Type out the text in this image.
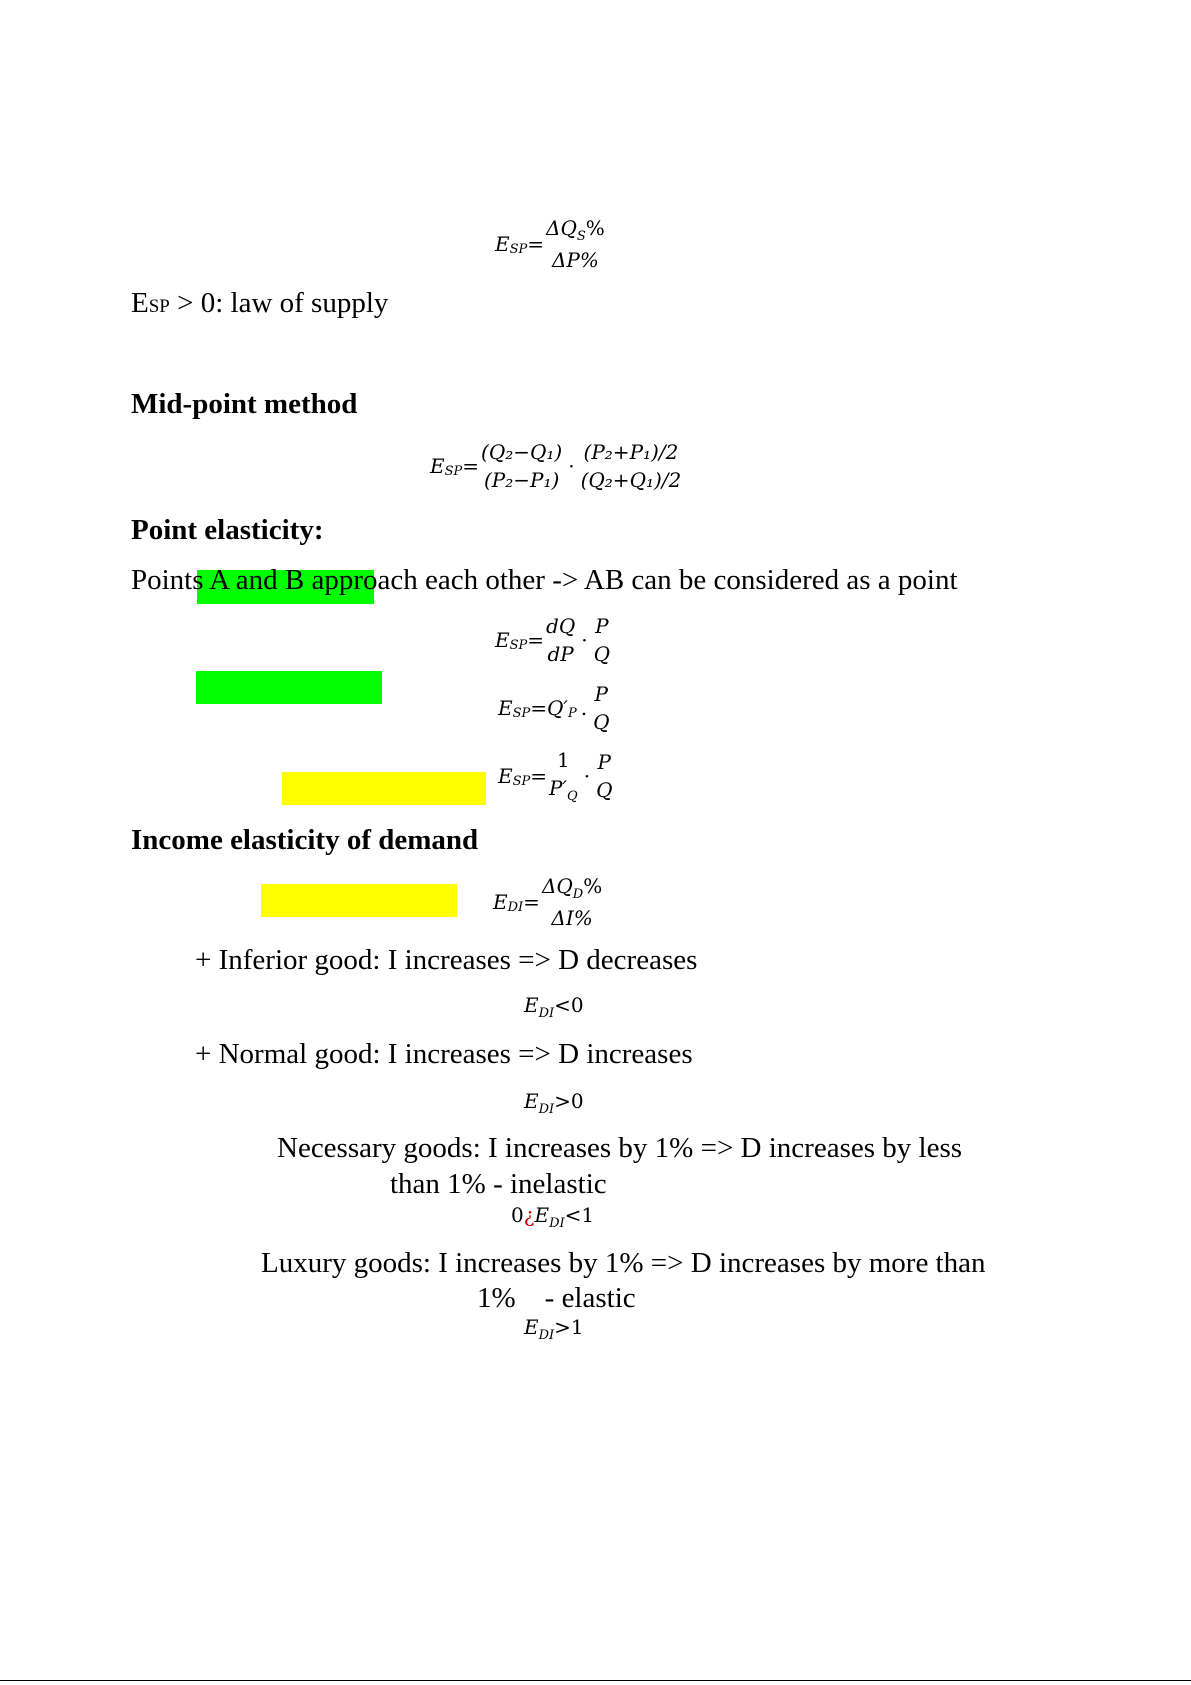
E SP =
$\Delta Q_S\%$
ΔP%
ESP > 0: law of supply
Mid-point method
E SP =
(Q₂−Q₁)
(P₂−P₁)
·
(P₂+P₁)/2
(Q₂+Q₁)/2
Point elasticity:
Points A and B approach each other -> AB can be considered as a point
E SP =
dQ
dP
·
P
Q
E SP = Q′ P .
P
Q
E SP =
1
$P'_Q$
·
P
Q
Income elasticity of demand
E DI =
$\Delta Q_D\%$
ΔI%
+ Inferior good: I increases => D decreases
$E_{DI}<0$
+ Normal good: I increases => D increases
$E_{DI}>0$
Necessary goods: I increases by 1% => D increases by less
than 1% - inelastic
$0¿E_{DI}<1$
Luxury goods: I increases by 1% => D increases by more than
1%    - elastic
$E_{DI}>1$
